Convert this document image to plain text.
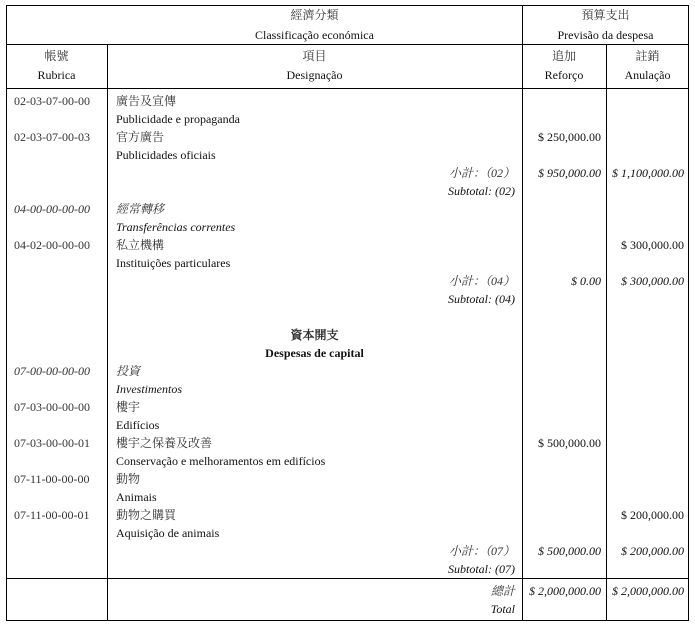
經濟分類
Classificação económica
預算支出
Previsão da despesa
帳號
Rubrica
項目
Designação
追加
Reforço
註銷
Anulação
02-03-07-00-00 廣告及宣傳
Publicidade e propaganda
02-03-07-00-03 官方廣告
Publicidades oficiais
$ 250,000.00
小計：（02）
Subtotal: (02)
$ 950,000.00 $ 1,100,000.00
04-00-00-00-00 經常轉移
Transferências correntes
04-02-00-00-00 私立機構
Instituições particulares
$ 300,000.00
小計：（04）
Subtotal: (04)
$ 0.00	$ 300,000.00
資本開支
Despesas de capital
07-00-00-00-00 投資
Investimentos
07-03-00-00-00 樓宇
Edifícios
07-03-00-00-01 樓宇之保養及改善
Conservação e melhoramentos em edifícios
$ 500,000.00
07-11-00-00-00 動物
Animais
07-11-00-00-01 動物之購買
Aquisição de animais
$ 200,000.00
小計：（07）
Subtotal: (07)
$ 500,000.00	$ 200,000.00
總計
Total
$ 2,000,000.00 $ 2,000,000.00
